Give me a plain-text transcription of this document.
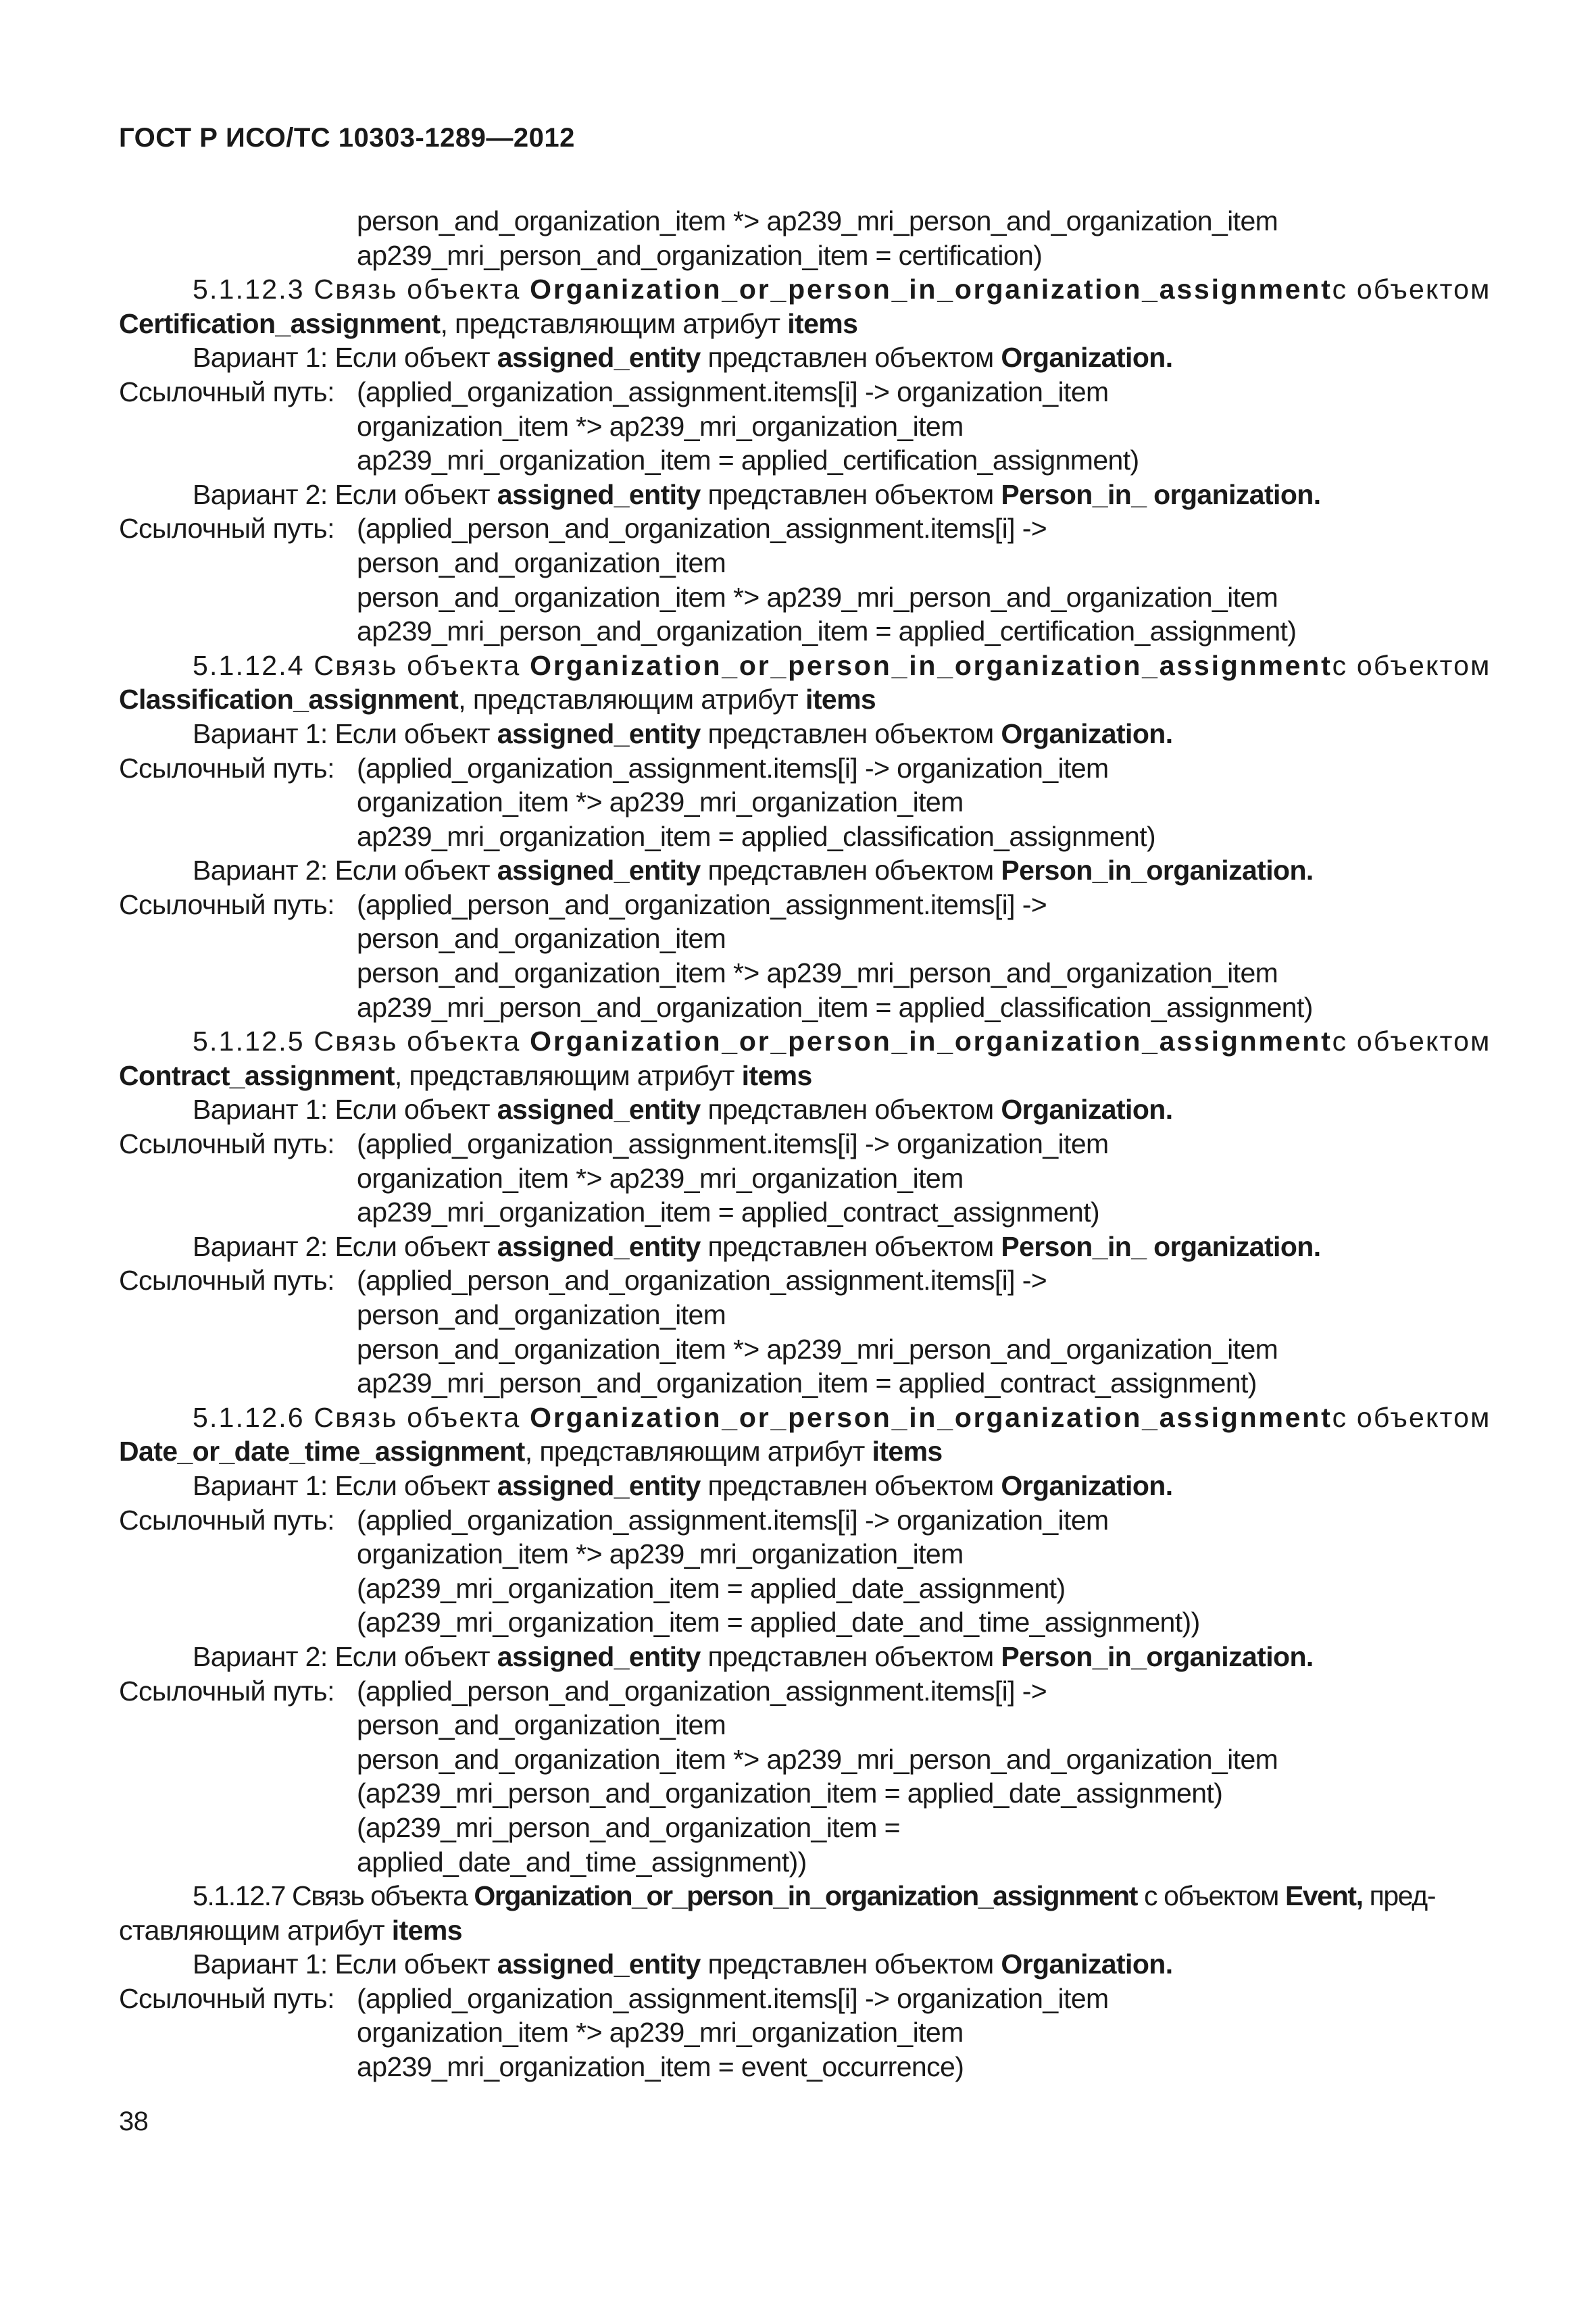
ГОСТ Р ИСО/ТС 10303-1289—2012
person_and_organization_item *> ap239_mri_person_and_organization_item
ap239_mri_person_and_organization_item = certification)
5.1.12.3 Связь объекта Organization_or_person_in_organization_assignment с объектом
Certification_assignment, представляющим атрибут items
Вариант 1: Если объект assigned_entity представлен объектом Organization.
Ссылочный путь: (applied_organization_assignment.items[i] -> organization_item
organization_item *> ap239_mri_organization_item
ap239_mri_organization_item = applied_certification_assignment)
Вариант 2: Если объект assigned_entity представлен объектом Person_in_ organization.
Ссылочный путь: (applied_person_and_organization_assignment.items[i] ->
person_and_organization_item
person_and_organization_item *> ap239_mri_person_and_organization_item
ap239_mri_person_and_organization_item = applied_certification_assignment)
5.1.12.4 Связь объекта Organization_or_person_in_organization_assignment с объектом
Classification_assignment, представляющим атрибут items
Вариант 1: Если объект assigned_entity представлен объектом Organization.
Ссылочный путь: (applied_organization_assignment.items[i] -> organization_item
organization_item *> ap239_mri_organization_item
ap239_mri_organization_item = applied_classification_assignment)
Вариант 2: Если объект assigned_entity представлен объектом Person_in_organization.
Ссылочный путь: (applied_person_and_organization_assignment.items[i] ->
person_and_organization_item
person_and_organization_item *> ap239_mri_person_and_organization_item
ap239_mri_person_and_organization_item = applied_classification_assignment)
5.1.12.5 Связь объекта Organization_or_person_in_organization_assignment с объектом
Contract_assignment, представляющим атрибут items
Вариант 1: Если объект assigned_entity представлен объектом Organization.
Ссылочный путь: (applied_organization_assignment.items[i] -> organization_item
organization_item *> ap239_mri_organization_item
ap239_mri_organization_item = applied_contract_assignment)
Вариант 2: Если объект assigned_entity представлен объектом Person_in_ organization.
Ссылочный путь: (applied_person_and_organization_assignment.items[i] ->
person_and_organization_item
person_and_organization_item *> ap239_mri_person_and_organization_item
ap239_mri_person_and_organization_item = applied_contract_assignment)
5.1.12.6 Связь объекта Organization_or_person_in_organization_assignment с объектом
Date_or_date_time_assignment, представляющим атрибут items
Вариант 1: Если объект assigned_entity представлен объектом Organization.
Ссылочный путь: (applied_organization_assignment.items[i] -> organization_item
organization_item *> ap239_mri_organization_item
(ap239_mri_organization_item = applied_date_assignment)
(ap239_mri_organization_item = applied_date_and_time_assignment))
Вариант 2: Если объект assigned_entity представлен объектом Person_in_organization.
Ссылочный путь: (applied_person_and_organization_assignment.items[i] ->
person_and_organization_item
person_and_organization_item *> ap239_mri_person_and_organization_item
(ap239_mri_person_and_organization_item = applied_date_assignment)
(ap239_mri_person_and_organization_item =
applied_date_and_time_assignment))
5.1.12.7 Связь объекта Organization_or_person_in_organization_assignment с объектом Event, пред-
ставляющим атрибут items
Вариант 1: Если объект assigned_entity представлен объектом Organization.
Ссылочный путь: (applied_organization_assignment.items[i] -> organization_item
organization_item *> ap239_mri_organization_item
ap239_mri_organization_item = event_occurrence)
38
